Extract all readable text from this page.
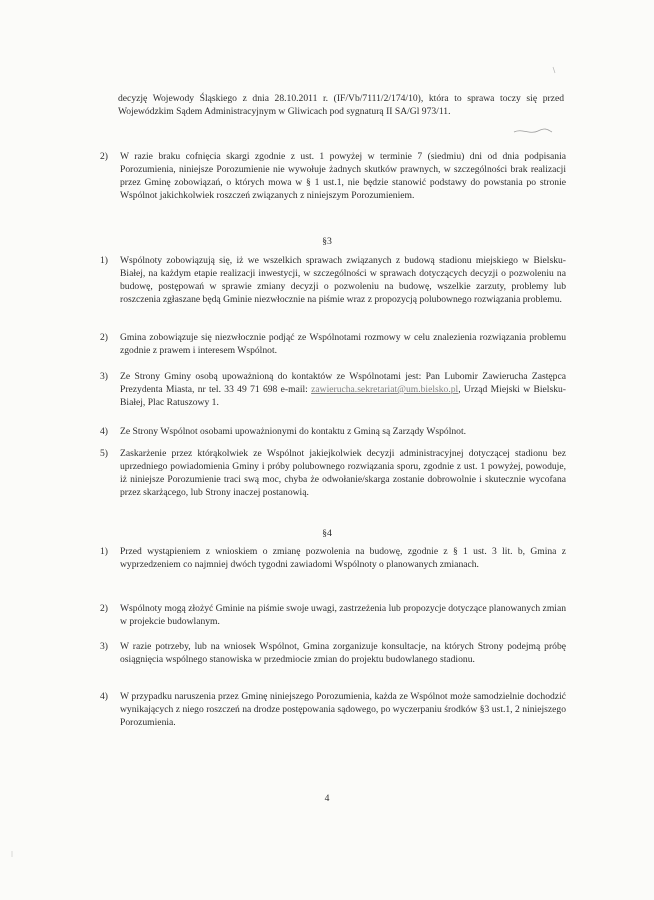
decyzję Wojewody Śląskiego z dnia 28.10.2011 r. (IF/Vb/7111/2/174/10), która to sprawa toczy się przed Wojewódzkim Sądem Administracyjnym w Gliwicach pod sygnaturą II SA/Gl 973/11.
2)	W razie braku cofnięcia skargi zgodnie z ust. 1 powyżej w terminie 7 (siedmiu) dni od dnia podpisania Porozumienia, niniejsze Porozumienie nie wywołuje żadnych skutków prawnych, w szczególności brak realizacji przez Gminę zobowiązań, o których mowa w § 1 ust.1, nie będzie stanowić podstawy do powstania po stronie Wspólnot jakichkolwiek roszczeń związanych z niniejszym Porozumieniem.
§3
1)	Wspólnoty zobowiązują się, iż we wszelkich sprawach związanych z budową stadionu miejskiego w Bielsku-Białej, na każdym etapie realizacji inwestycji, w szczególności w sprawach dotyczących decyzji o pozwoleniu na budowę, postępowań w sprawie zmiany decyzji o pozwoleniu na budowę, wszelkie zarzuty, problemy lub roszczenia zgłaszane będą Gminie niezwłocznie na piśmie wraz z propozycją polubownego rozwiązania problemu.
2)	Gmina zobowiązuje się niezwłocznie podjąć ze Wspólnotami rozmowy w celu znalezienia rozwiązania problemu zgodnie z prawem i interesem Wspólnot.
3)	Ze Strony Gminy osobą upoważnioną do kontaktów ze Wspólnotami jest: Pan Lubomir Zawierucha Zastępca Prezydenta Miasta, nr tel. 33 49 71 698 e-mail: zawierucha.sekretariat@um.bielsko.pl, Urząd Miejski w Bielsku-Białej, Plac Ratuszowy 1.
4)	Ze Strony Wspólnot osobami upoważnionymi do kontaktu z Gminą są Zarządy Wspólnot.
5)	Zaskarżenie przez którąkolwiek ze Wspólnot jakiejkolwiek decyzji administracyjnej dotyczącej stadionu bez uprzedniego powiadomienia Gminy i próby polubownego rozwiązania sporu, zgodnie z ust. 1 powyżej, powoduje, iż niniejsze Porozumienie traci swą moc, chyba że odwołanie/skarga zostanie dobrowolnie i skutecznie wycofana przez skarżącego, lub Strony inaczej postanowią.
§4
1)	Przed wystąpieniem z wnioskiem o zmianę pozwolenia na budowę, zgodnie z § 1 ust. 3 lit. b, Gmina z wyprzedzeniem co najmniej dwóch tygodni zawiadomi Wspólnoty o planowanych zmianach.
2)	Wspólnoty mogą złożyć Gminie na piśmie swoje uwagi, zastrzeżenia lub propozycje dotyczące planowanych zmian w projekcie budowlanym.
3)	W razie potrzeby, lub na wniosek Wspólnot, Gmina zorganizuje konsultacje, na których Strony podejmą próbę osiągnięcia wspólnego stanowiska w przedmiocie zmian do projektu budowlanego stadionu.
4)	W przypadku naruszenia przez Gminę niniejszego Porozumienia, każda ze Wspólnot może samodzielnie dochodzić wynikających z niego roszczeń na drodze postępowania sądowego, po wyczerpaniu środków §3 ust.1, 2 niniejszego Porozumienia.
4
